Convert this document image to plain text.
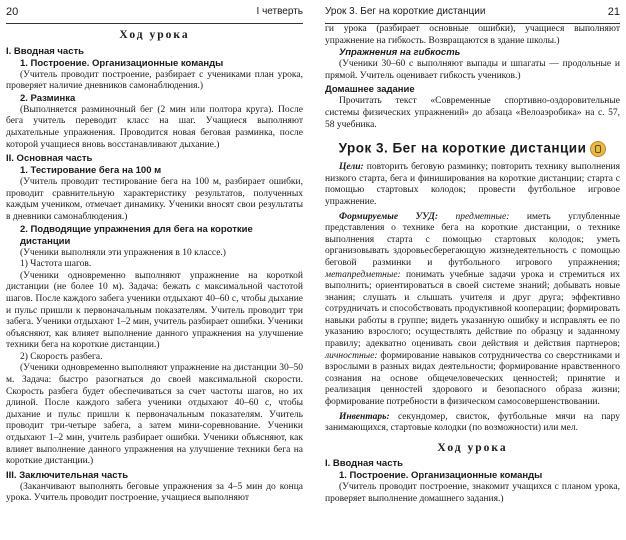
20	I четверть
Ход урока
I. Вводная часть
1. Построение. Организационные команды

(Учитель проводит построение, разбирает с учениками план урока, проверяет наличие дневников самонаблюдения.)

2. Разминка

(Выполняется разминочный бег (2 мин или полтора круга). После бега учитель переводит класс на шаг. Учащиеся выполняют дыхательные упражнения. Проводится новая беговая разминка, после которой учащиеся вновь восстанавливают дыхание.)

II. Основная часть
1. Тестирование бега на 100 м

(Учитель проводит тестирование бега на 100 м, разбирает ошибки, проводит сравнительную характеристику результатов, полученных каждым учеником, отмечает динамику. Ученики вносят свои результаты в дневники самонаблюдения.)

2. Подводящие упражнения для бега на короткие дистанции

(Ученики выполняли эти упражнения в 10 классе.)

1) Частота шагов.

(Ученики одновременно выполняют упражнение на короткой дистанции (не более 10 м). Задача: бежать с максимальной частотой шагов. После каждого забега ученики отдыхают 40–60 с, чтобы дыхание и пульс пришли к первоначальным показателям. Учитель проводит три забега. Ученики отдыхают 1–2 мин, учитель разбирает ошибки. Ученики объясняют, как влияет выполнение данного упражнения на улучшение техники бега на короткие дистанции.)

2) Скорость разбега.

(Ученики одновременно выполняют упражнение на дистанции 30–50 м. Задача: быстро разогнаться до своей максимальной скорости. Скорость разбега будет обеспечиваться за счет частоты шагов, но их длиной. После каждого забега ученики отдыхают 40–60 с, чтобы дыхание и пульс пришли к первоначальным показателям. Учитель проводит три-четыре забега, а затем мини-соревнование. Ученики отдыхают 1–2 мин, учитель разбирает ошибки. Ученики объясняют, как влияет выполнение данного упражнения на улучшение техники бега на короткие дистанции.)

III. Заключительная часть

(Заканчивают выполнять беговые упражнения за 4–5 мин до конца урока. Учитель проводит построение, учащиеся выполняют

Урок 3. Бег на короткие дистанции	21

ги урока (разбирает основные ошибки), учащиеся выполняют упражнение на гибкость. Возвращаются в здание школы.)

Упражнения на гибкость

(Ученики 30–60 с выполняют выпады и шпагаты — продольные и прямой. Учитель оценивает гибкость учеников.)

Домашнее задание

Прочитать текст «Современные спортивно-оздоровительные системы физических упражнений» до абзаца «Велоаэробика» на с. 57, 58 учебника.

Урок 3. Бег на короткие дистанции

Цели: повторить беговую разминку; повторить технику выполнения низкого старта, бега и финиширования на короткие дистанции; старта с помощью стартовых колодок; провести футбольное игровое упражнение.

Формируемые УУД: предметные: иметь углубленные представления о технике бега на короткие дистанции, о технике выполнения старта с помощью стартовых колодок; уметь организовывать здоровьесберегающую жизнедеятельность с помощью беговой разминки и футбольного игрового упражнения; метапредметные: понимать учебные задачи урока и стремиться их выполнить; ориентироваться в своей системе знаний; добывать новые знания; слушать и слышать учителя и друг друга; эффективно сотрудничать и способствовать продуктивной кооперации; формировать навыки работы в группе; видеть указанную ошибку и исправлять ее по указанию взрослого; осуществлять действие по образцу и заданному правилу; адекватно оценивать свои действия и действия партнеров; личностные: формирование навыков сотрудничества со сверстниками и взрослыми в разных видах деятельности; формирование нравственного сознания на основе общечеловеческих ценностей; принятие и реализация ценностей здорового и безопасного образа жизни; формирование потребности в физическом самосовершенствовании.

Инвентарь: секундомер, свисток, футбольные мячи на пару занимающихся, стартовые колодки (по возможности) или мел.

Ход урока
I. Вводная часть
1. Построение. Организационные команды

(Учитель проводит построение, знакомит учащихся с планом урока, проверяет выполнение домашнего задания.)
